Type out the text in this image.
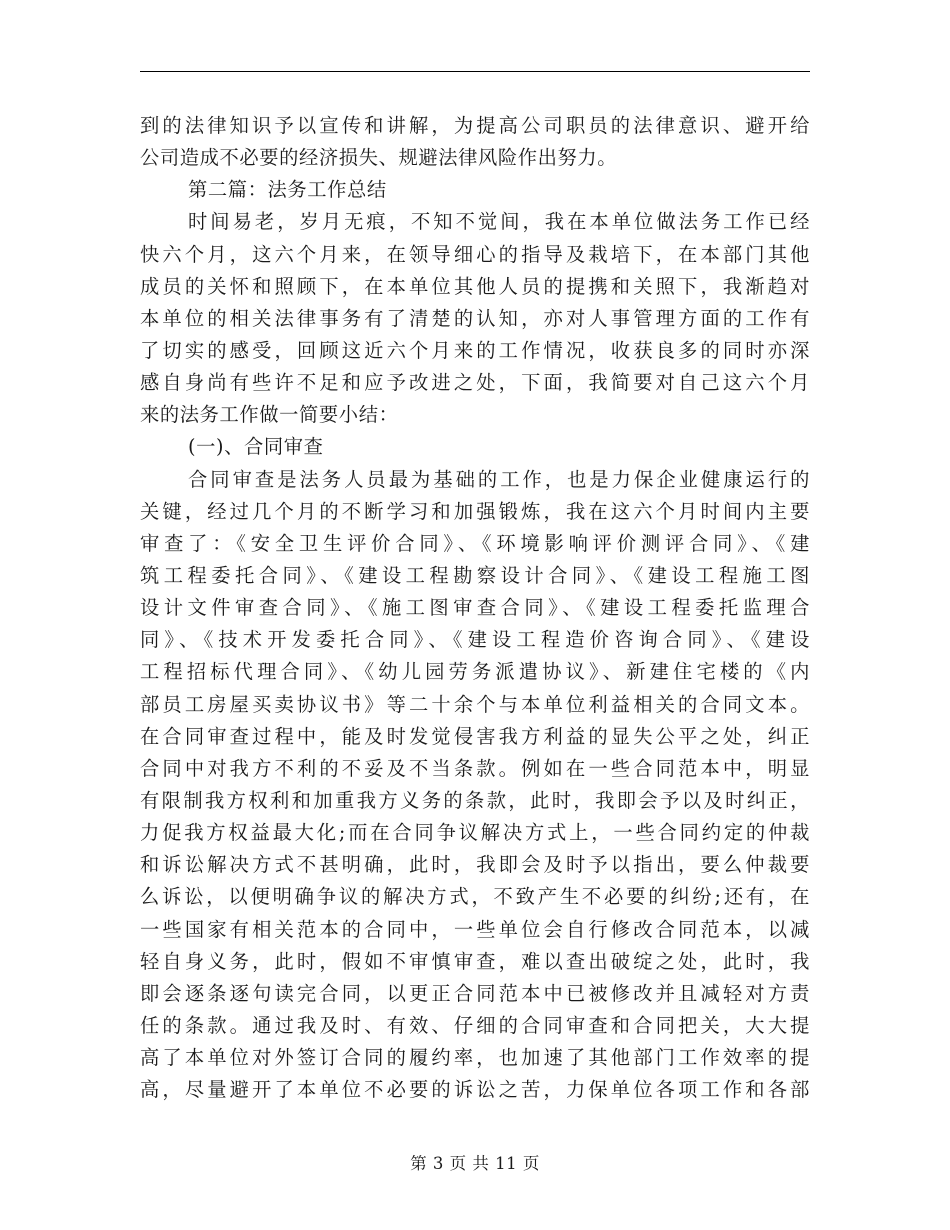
到的法律知识予以宣传和讲解，为提高公司职员的法律意识、避开给
公司造成不必要的经济损失、规避法律风险作出努力。
第二篇：法务工作总结
时间易老，岁月无痕，不知不觉间，我在本单位做法务工作已经
快六个月，这六个月来，在领导细心的指导及栽培下，在本部门其他
成员的关怀和照顾下，在本单位其他人员的提携和关照下，我渐趋对
本单位的相关法律事务有了清楚的认知，亦对人事管理方面的工作有
了切实的感受，回顾这近六个月来的工作情况，收获良多的同时亦深
感自身尚有些许不足和应予改进之处，下面，我简要对自己这六个月
来的法务工作做一简要小结：
(一)、合同审查
合同审查是法务人员最为基础的工作，也是力保企业健康运行的
关键，经过几个月的不断学习和加强锻炼，我在这六个月时间内主要
审查了：《安全卫生评价合同》、《环境影响评价测评合同》、《建
筑工程委托合同》、《建设工程勘察设计合同》、《建设工程施工图
设计文件审查合同》、《施工图审查合同》、《建设工程委托监理合
同》、《技术开发委托合同》、《建设工程造价咨询合同》、《建设
工程招标代理合同》、《幼儿园劳务派遣协议》、新建住宅楼的《内
部员工房屋买卖协议书》等二十余个与本单位利益相关的合同文本。
在合同审查过程中，能及时发觉侵害我方利益的显失公平之处，纠正
合同中对我方不利的不妥及不当条款。例如在一些合同范本中，明显
有限制我方权利和加重我方义务的条款，此时，我即会予以及时纠正，
力促我方权益最大化;而在合同争议解决方式上，一些合同约定的仲裁
和诉讼解决方式不甚明确，此时，我即会及时予以指出，要么仲裁要
么诉讼，以便明确争议的解决方式，不致产生不必要的纠纷;还有，在
一些国家有相关范本的合同中，一些单位会自行修改合同范本，以减
轻自身义务，此时，假如不审慎审查，难以查出破绽之处，此时，我
即会逐条逐句读完合同，以更正合同范本中已被修改并且减轻对方责
任的条款。通过我及时、有效、仔细的合同审查和合同把关，大大提
高了本单位对外签订合同的履约率，也加速了其他部门工作效率的提
高，尽量避开了本单位不必要的诉讼之苦，力保单位各项工作和各部
第 3 页 共 11 页
